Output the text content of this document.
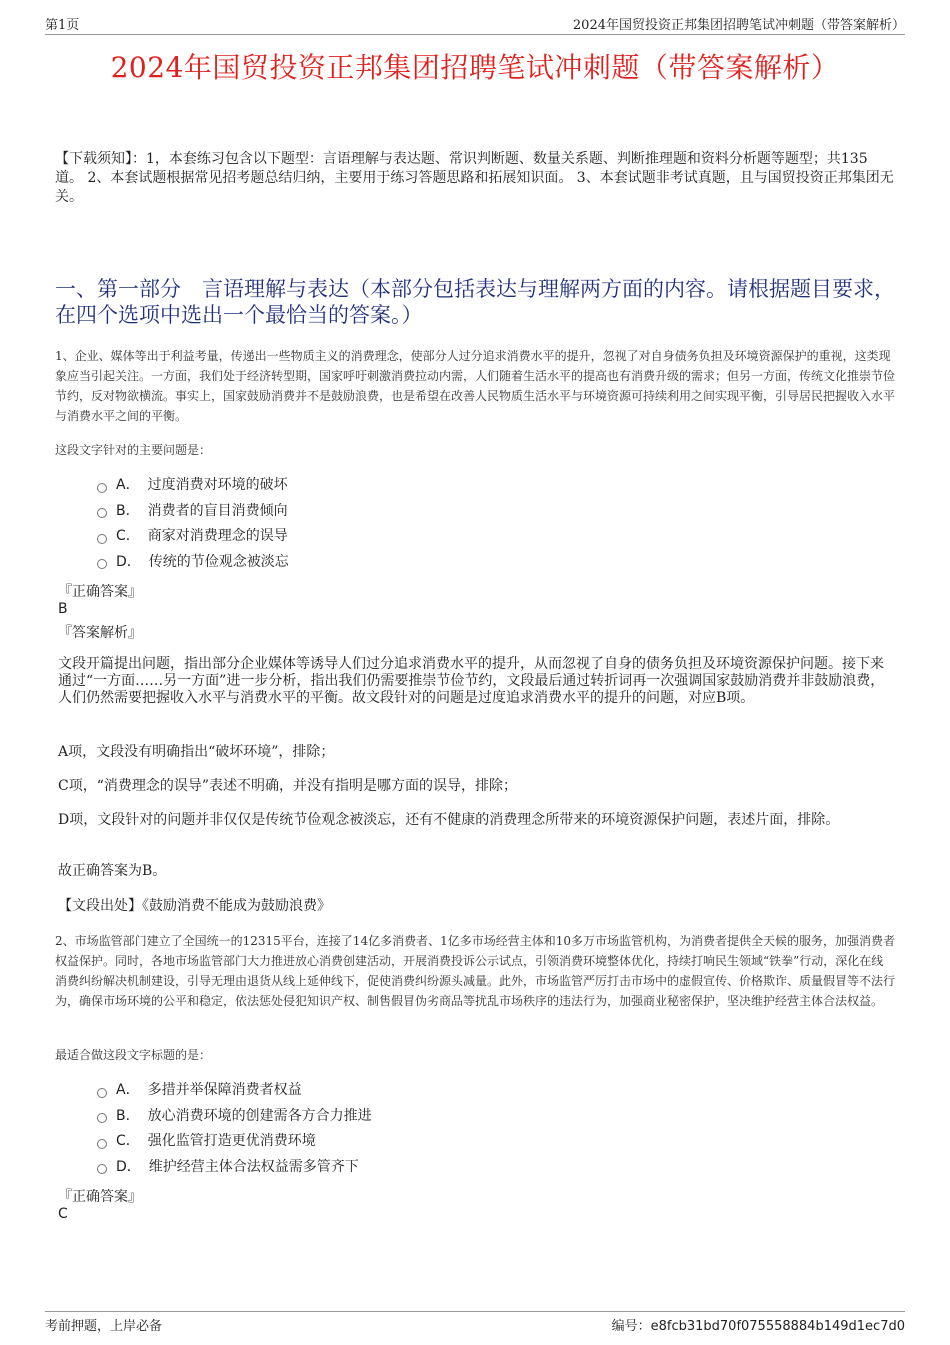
第1页	2024年国贸投资正邦集团招聘笔试冲刺题（带答案解析）
2024年国贸投资正邦集团招聘笔试冲刺题（带答案解析）
【下载须知】：1，本套练习包含以下题型：言语理解与表达题、常识判断题、数量关系题、判断推理题和资料分析题等题型；共135道。 2、本套试题根据常见招考题总结归纳，主要用于练习答题思路和拓展知识面。 3、本套试题非考试真题，且与国贸投资正邦集团无关。
一、第一部分　言语理解与表达（本部分包括表达与理解两方面的内容。请根据题目要求，在四个选项中选出一个最恰当的答案。）
1、企业、媒体等出于利益考量，传递出一些物质主义的消费理念，使部分人过分追求消费水平的提升，忽视了对自身债务负担及环境资源保护的重视，这类现象应当引起关注。一方面，我们处于经济转型期，国家呼吁刺激消费拉动内需，人们随着生活水平的提高也有消费升级的需求；但另一方面，传统文化推崇节俭节约，反对物欲横流。事实上，国家鼓励消费并不是鼓励浪费，也是希望在改善人民物质生活水平与环境资源可持续利用之间实现平衡，引导居民把握收入水平与消费水平之间的平衡。
这段文字针对的主要问题是：
A． 过度消费对环境的破坏
B． 消费者的盲目消费倾向
C． 商家对消费理念的误导
D． 传统的节俭观念被淡忘
『正确答案』
B
『答案解析』
文段开篇提出问题，指出部分企业媒体等诱导人们过分追求消费水平的提升，从而忽视了自身的债务负担及环境资源保护问题。接下来通过“一方面……另一方面”进一步分析，指出我们仍需要推崇节俭节约，文段最后通过转折词再一次强调国家鼓励消费并非鼓励浪费，人们仍然需要把握收入水平与消费水平的平衡。故文段针对的问题是过度追求消费水平的提升的问题，对应B项。
A项，文段没有明确指出“破坏环境”，排除；
C项，“消费理念的误导”表述不明确，并没有指明是哪方面的误导，排除；
D项，文段针对的问题并非仅仅是传统节俭观念被淡忘，还有不健康的消费理念所带来的环境资源保护问题，表述片面，排除。
故正确答案为B。
【文段出处】《鼓励消费不能成为鼓励浪费》
2、市场监管部门建立了全国统一的12315平台，连接了14亿多消费者、1亿多市场经营主体和10多万市场监管机构，为消费者提供全天候的服务，加强消费者权益保护。同时，各地市场监管部门大力推进放心消费创建活动，开展消费投诉公示试点，引领消费环境整体优化，持续打响民生领域“铁拳”行动，深化在线消费纠纷解决机制建设，引导无理由退货从线上延伸线下，促使消费纠纷源头减量。此外，市场监管严厉打击市场中的虚假宣传、价格欺诈、质量假冒等不法行为，确保市场环境的公平和稳定，依法惩处侵犯知识产权、制售假冒伪劣商品等扰乱市场秩序的违法行为，加强商业秘密保护，坚决维护经营主体合法权益。
最适合做这段文字标题的是：
A． 多措并举保障消费者权益
B． 放心消费环境的创建需各方合力推进
C． 强化监管打造更优消费环境
D． 维护经营主体合法权益需多管齐下
『正确答案』
C
考前押题，上岸必备	编号：e8fcb31bd70f075558884b149d1ec7d0
